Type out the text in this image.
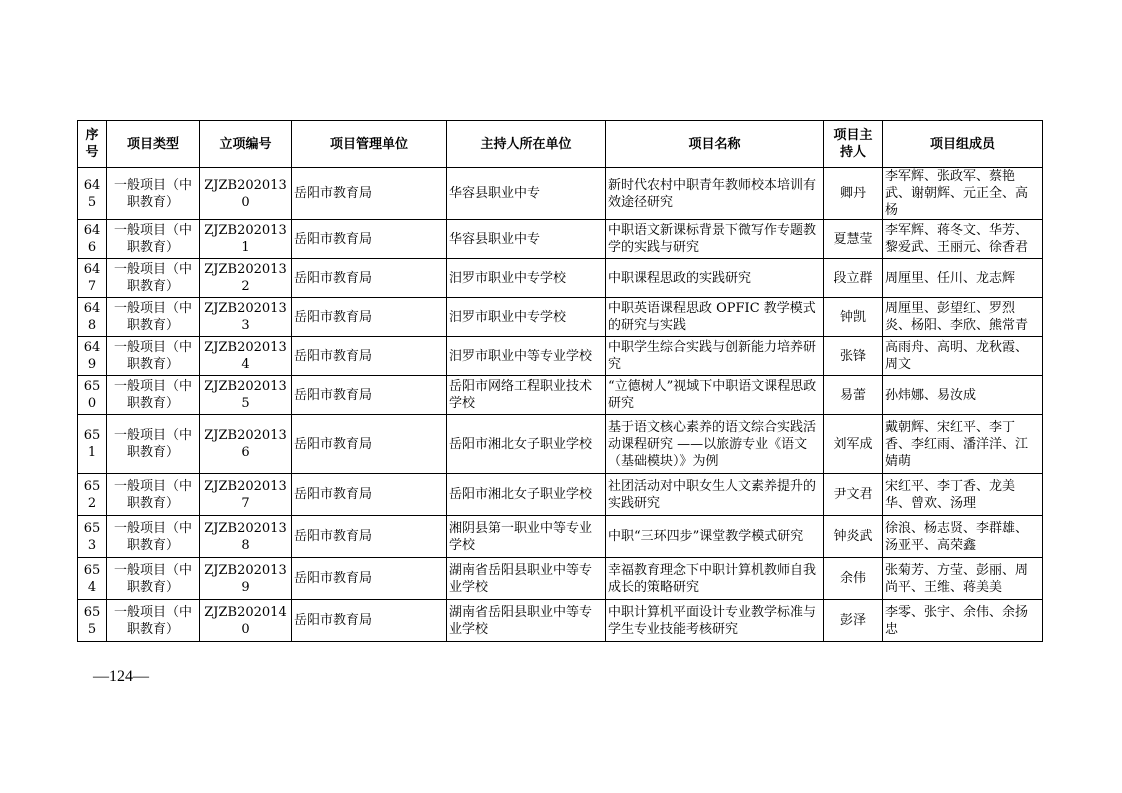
序号	项目类型	立项编号	项目管理单位	主持人所在单位	项目名称	项目主持人	项目组成员
645	一般项目（中职教育）	ZJZB2020130	岳阳市教育局	华容县职业中专	新时代农村中职青年教师校本培训有效途径研究	卿丹	李军辉、张政军、蔡艳武、谢朝辉、元正全、高杨
646	一般项目（中职教育）	ZJZB2020131	岳阳市教育局	华容县职业中专	中职语文新课标背景下微写作专题教学的实践与研究	夏慧莹	李军辉、蒋冬文、华芳、黎爱武、王丽元、徐香君
647	一般项目（中职教育）	ZJZB2020132	岳阳市教育局	汨罗市职业中专学校	中职课程思政的实践研究	段立群	周厘里、任川、龙志辉
648	一般项目（中职教育）	ZJZB2020133	岳阳市教育局	汨罗市职业中专学校	中职英语课程思政 OPFIC 教学模式的研究与实践	钟凯	周厘里、彭望红、罗烈炎、杨阳、李欣、熊常青
649	一般项目（中职教育）	ZJZB2020134	岳阳市教育局	汨罗市职业中等专业学校	中职学生综合实践与创新能力培养研究	张锋	高雨舟、高明、龙秋霞、周文
650	一般项目（中职教育）	ZJZB2020135	岳阳市教育局	岳阳市网络工程职业技术学校	“立德树人”视域下中职语文课程思政研究	易蕾	孙炜娜、易汝成
651	一般项目（中职教育）	ZJZB2020136	岳阳市教育局	岳阳市湘北女子职业学校	基于语文核心素养的语文综合实践活动课程研究 ——以旅游专业《语文（基础模块）》为例	刘军成	戴朝辉、宋红平、李丁香、李红雨、潘洋洋、江婧萌
652	一般项目（中职教育）	ZJZB2020137	岳阳市教育局	岳阳市湘北女子职业学校	社团活动对中职女生人文素养提升的实践研究	尹文君	宋红平、李丁香、龙美华、曾欢、汤理
653	一般项目（中职教育）	ZJZB2020138	岳阳市教育局	湘阴县第一职业中等专业学校	中职“三环四步”课堂教学模式研究	钟炎武	徐浪、杨志贤、李群雄、汤亚平、高荣鑫
654	一般项目（中职教育）	ZJZB2020139	岳阳市教育局	湖南省岳阳县职业中等专业学校	幸福教育理念下中职计算机教师自我成长的策略研究	余伟	张菊芳、方莹、彭丽、周尚平、王维、蒋美美
655	一般项目（中职教育）	ZJZB2020140	岳阳市教育局	湖南省岳阳县职业中等专业学校	中职计算机平面设计专业教学标准与学生专业技能考核研究	彭泽	李零、张宇、余伟、余扬忠
—124—
